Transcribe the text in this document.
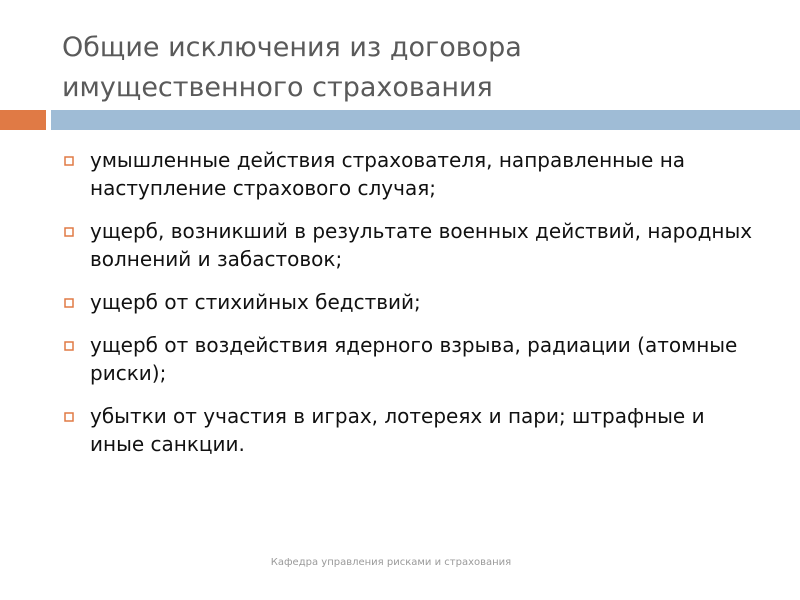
Общие исключения из договора
имущественного страхования
умышленные действия страхователя, направленные на наступление страхового случая;
ущерб, возникший в результате военных действий, народных волнений и забастовок;
ущерб от стихийных бедствий;
ущерб от воздействия ядерного взрыва, радиации (атомные риски);
убытки от участия в играх, лотереях и пари; штрафные и иные санкции.
Кафедра управления рисками и страхования
